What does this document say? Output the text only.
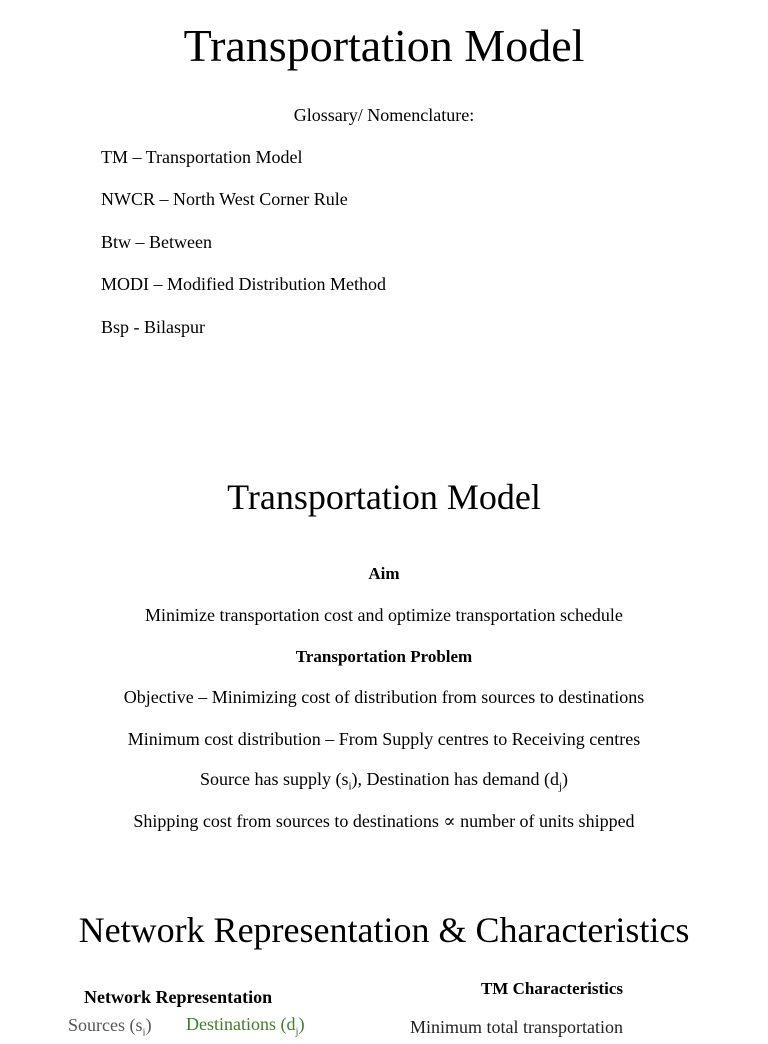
Transportation Model
Glossary/ Nomenclature:
TM – Transportation Model
NWCR – North West Corner Rule
Btw – Between
MODI – Modified Distribution Method
Bsp - Bilaspur
Transportation Model
Aim
Minimize transportation cost and optimize transportation schedule
Transportation Problem
Objective – Minimizing cost of distribution from sources to destinations
Minimum cost distribution – From Supply centres to Receiving centres
Source has supply $(s_i)$, Destination has demand $(d_j)$
Shipping cost from sources to destinations ∝ number of units shipped
Network Representation & Characteristics
Network Representation	TM Characteristics
Sources $(s_i)$ Destinations $(d_j)$	Minimum total transportation
